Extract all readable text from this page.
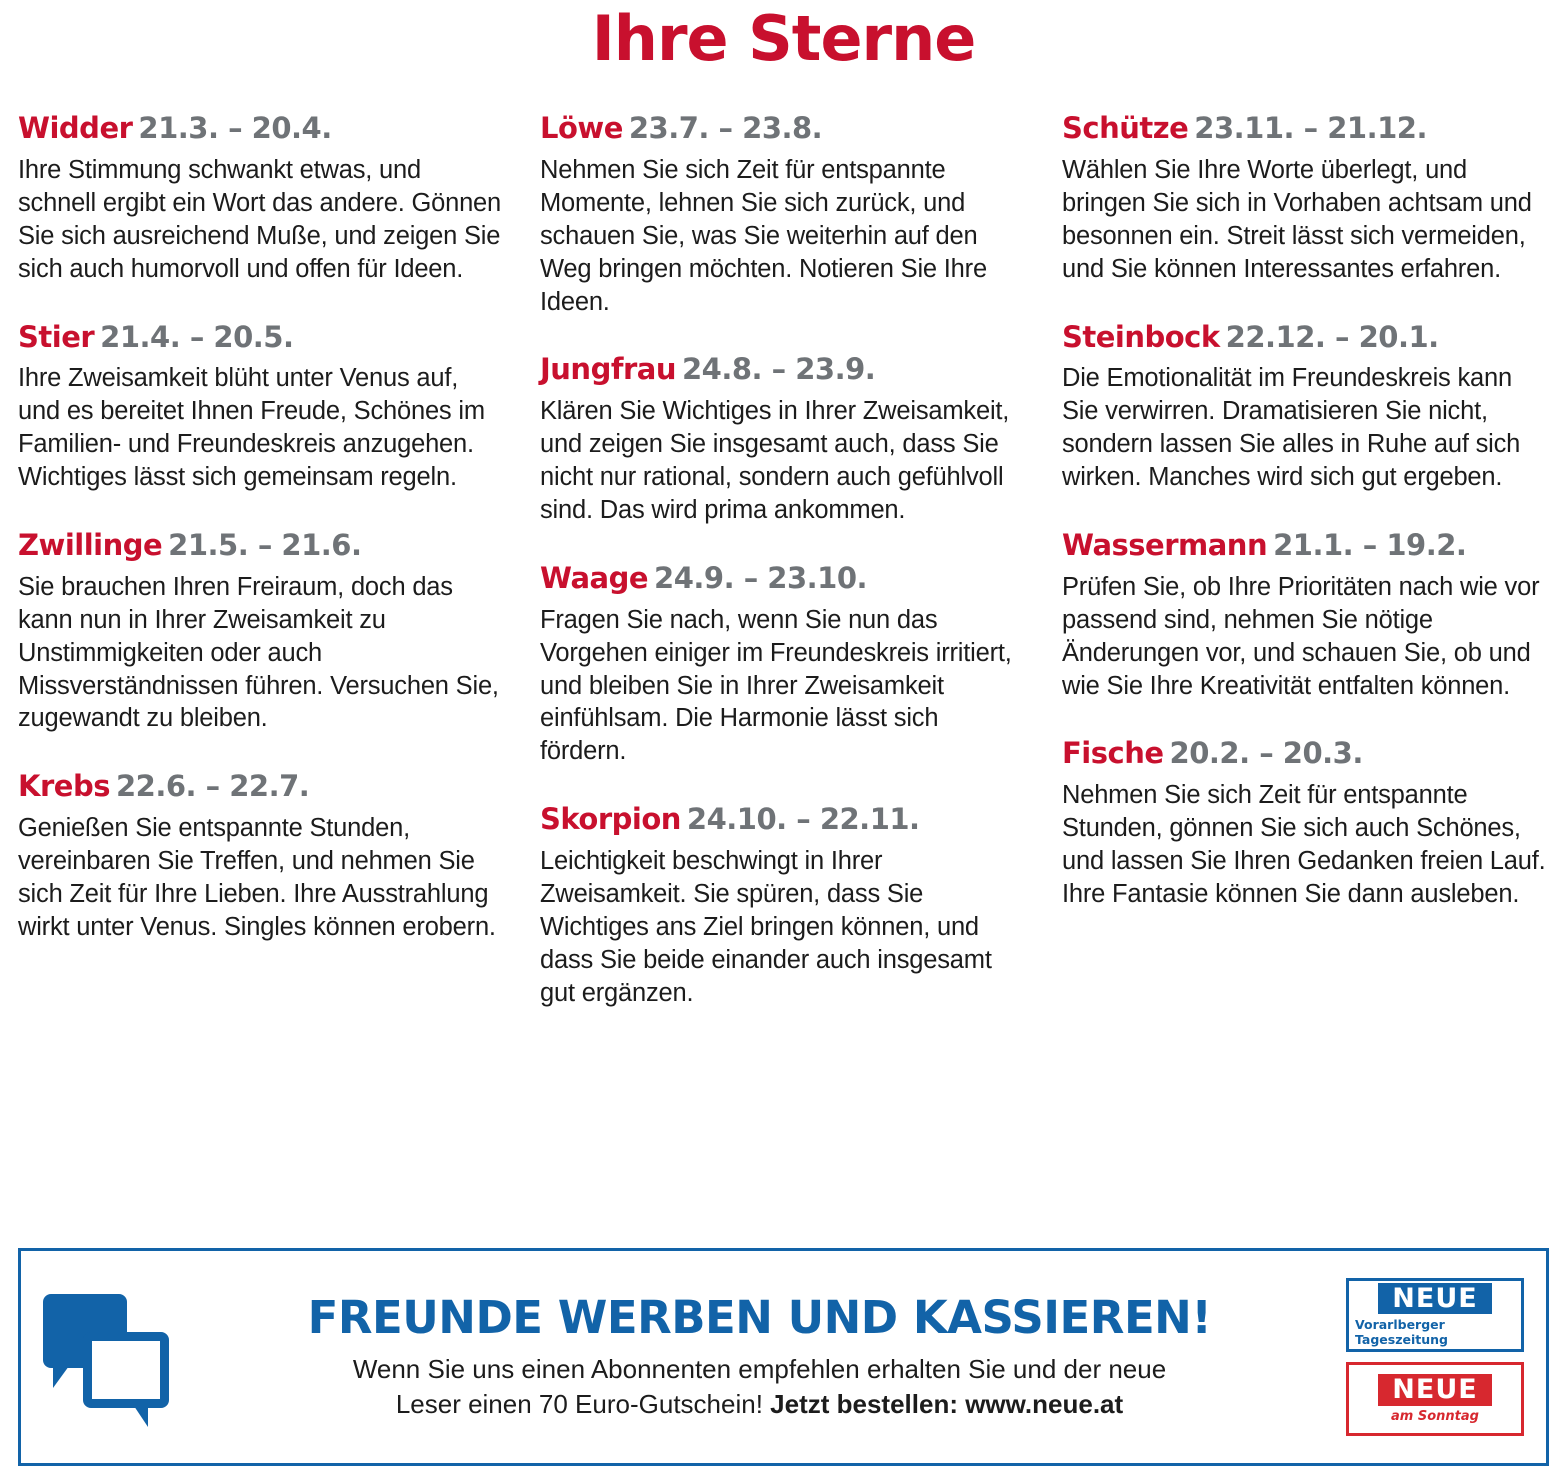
Ihre Sterne
Widder 21.3. – 20.4.
Ihre Stimmung schwankt etwas, und schnell ergibt ein Wort das andere. Gönnen Sie sich ausreichend Muße, und zeigen Sie sich auch humorvoll und offen für Ideen.
Stier 21.4. – 20.5.
Ihre Zweisamkeit blüht unter Venus auf, und es bereitet Ihnen Freude, Schönes im Familien- und Freundeskreis anzugehen. Wichtiges lässt sich gemeinsam regeln.
Zwillinge 21.5. – 21.6.
Sie brauchen Ihren Freiraum, doch das kann nun in Ihrer Zweisamkeit zu Unstimmigkeiten oder auch Missverständnissen führen. Versuchen Sie, zugewandt zu bleiben.
Krebs 22.6. – 22.7.
Genießen Sie entspannte Stunden, vereinbaren Sie Treffen, und nehmen Sie sich Zeit für Ihre Lieben. Ihre Ausstrahlung wirkt unter Venus. Singles können erobern.
Löwe 23.7. – 23.8.
Nehmen Sie sich Zeit für entspannte Momente, lehnen Sie sich zurück, und schauen Sie, was Sie weiterhin auf den Weg bringen möchten. Notieren Sie Ihre Ideen.
Jungfrau 24.8. – 23.9.
Klären Sie Wichtiges in Ihrer Zweisamkeit, und zeigen Sie insgesamt auch, dass Sie nicht nur rational, sondern auch gefühlvoll sind. Das wird prima ankommen.
Waage 24.9. – 23.10.
Fragen Sie nach, wenn Sie nun das Vorgehen einiger im Freundeskreis irritiert, und bleiben Sie in Ihrer Zweisamkeit einfühlsam. Die Harmonie lässt sich fördern.
Skorpion 24.10. – 22.11.
Leichtigkeit beschwingt in Ihrer Zweisamkeit. Sie spüren, dass Sie Wichtiges ans Ziel bringen können, und dass Sie beide einander auch insgesamt gut ergänzen.
Schütze 23.11. – 21.12.
Wählen Sie Ihre Worte überlegt, und bringen Sie sich in Vorhaben achtsam und besonnen ein. Streit lässt sich vermeiden, und Sie können Interessantes erfahren.
Steinbock 22.12. – 20.1.
Die Emotionalität im Freundeskreis kann Sie verwirren. Dramatisieren Sie nicht, sondern lassen Sie alles in Ruhe auf sich wirken. Manches wird sich gut ergeben.
Wassermann 21.1. – 19.2.
Prüfen Sie, ob Ihre Prioritäten nach wie vor passend sind, nehmen Sie nötige Änderungen vor, und schauen Sie, ob und wie Sie Ihre Kreativität entfalten können.
Fische 20.2. – 20.3.
Nehmen Sie sich Zeit für entspannte Stunden, gönnen Sie sich auch Schönes, und lassen Sie Ihren Gedanken freien Lauf. Ihre Fantasie können Sie dann ausleben.
FREUNDE WERBEN UND KASSIEREN!
Wenn Sie uns einen Abonnenten empfehlen erhalten Sie und der neue
Leser einen 70 Euro-Gutschein! Jetzt bestellen: www.neue.at
NEUE
Vorarlberger Tageszeitung
NEUE
am Sonntag
